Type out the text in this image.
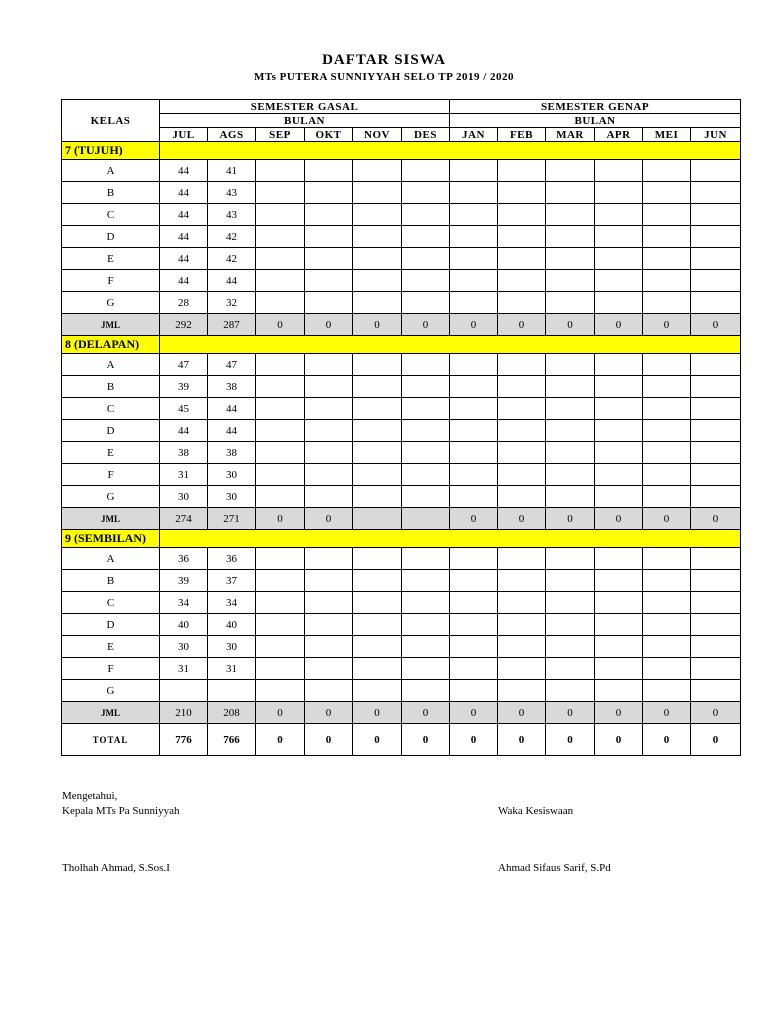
DAFTAR SISWA
MTs PUTERA SUNNIYYAH SELO TP 2019 / 2020
KELAS	SEMESTER GASAL						SEMESTER GENAP					
	BULAN						BULAN					
	JUL	AGS	SEP	OKT	NOV	DES	JAN	FEB	MAR	APR	MEI	JUN
7 (TUJUH)												
A	44	41										
B	44	43										
C	44	43										
D	44	42										
E	44	42										
F	44	44										
G	28	32										
JML	292	287	0	0	0	0	0	0	0	0	0	0
8 (DELAPAN)												
A	47	47										
B	39	38										
C	45	44										
D	44	44										
E	38	38										
F	31	30										
G	30	30										
JML	274	271	0	0			0	0	0	0	0	0
9 (SEMBILAN)												
A	36	36										
B	39	37										
C	34	34										
D	40	40										
E	30	30										
F	31	31										
G												
JML	210	208	0	0	0	0	0	0	0	0	0	0
TOTAL	776	766	0	0	0	0	0	0	0	0	0	0
Mengetahui,
Kepala MTs Pa Sunniyyah
Tholhah Ahmad, S.Sos.I
Waka Kesiswaan
Ahmad Sifaus Sarif, S.Pd
